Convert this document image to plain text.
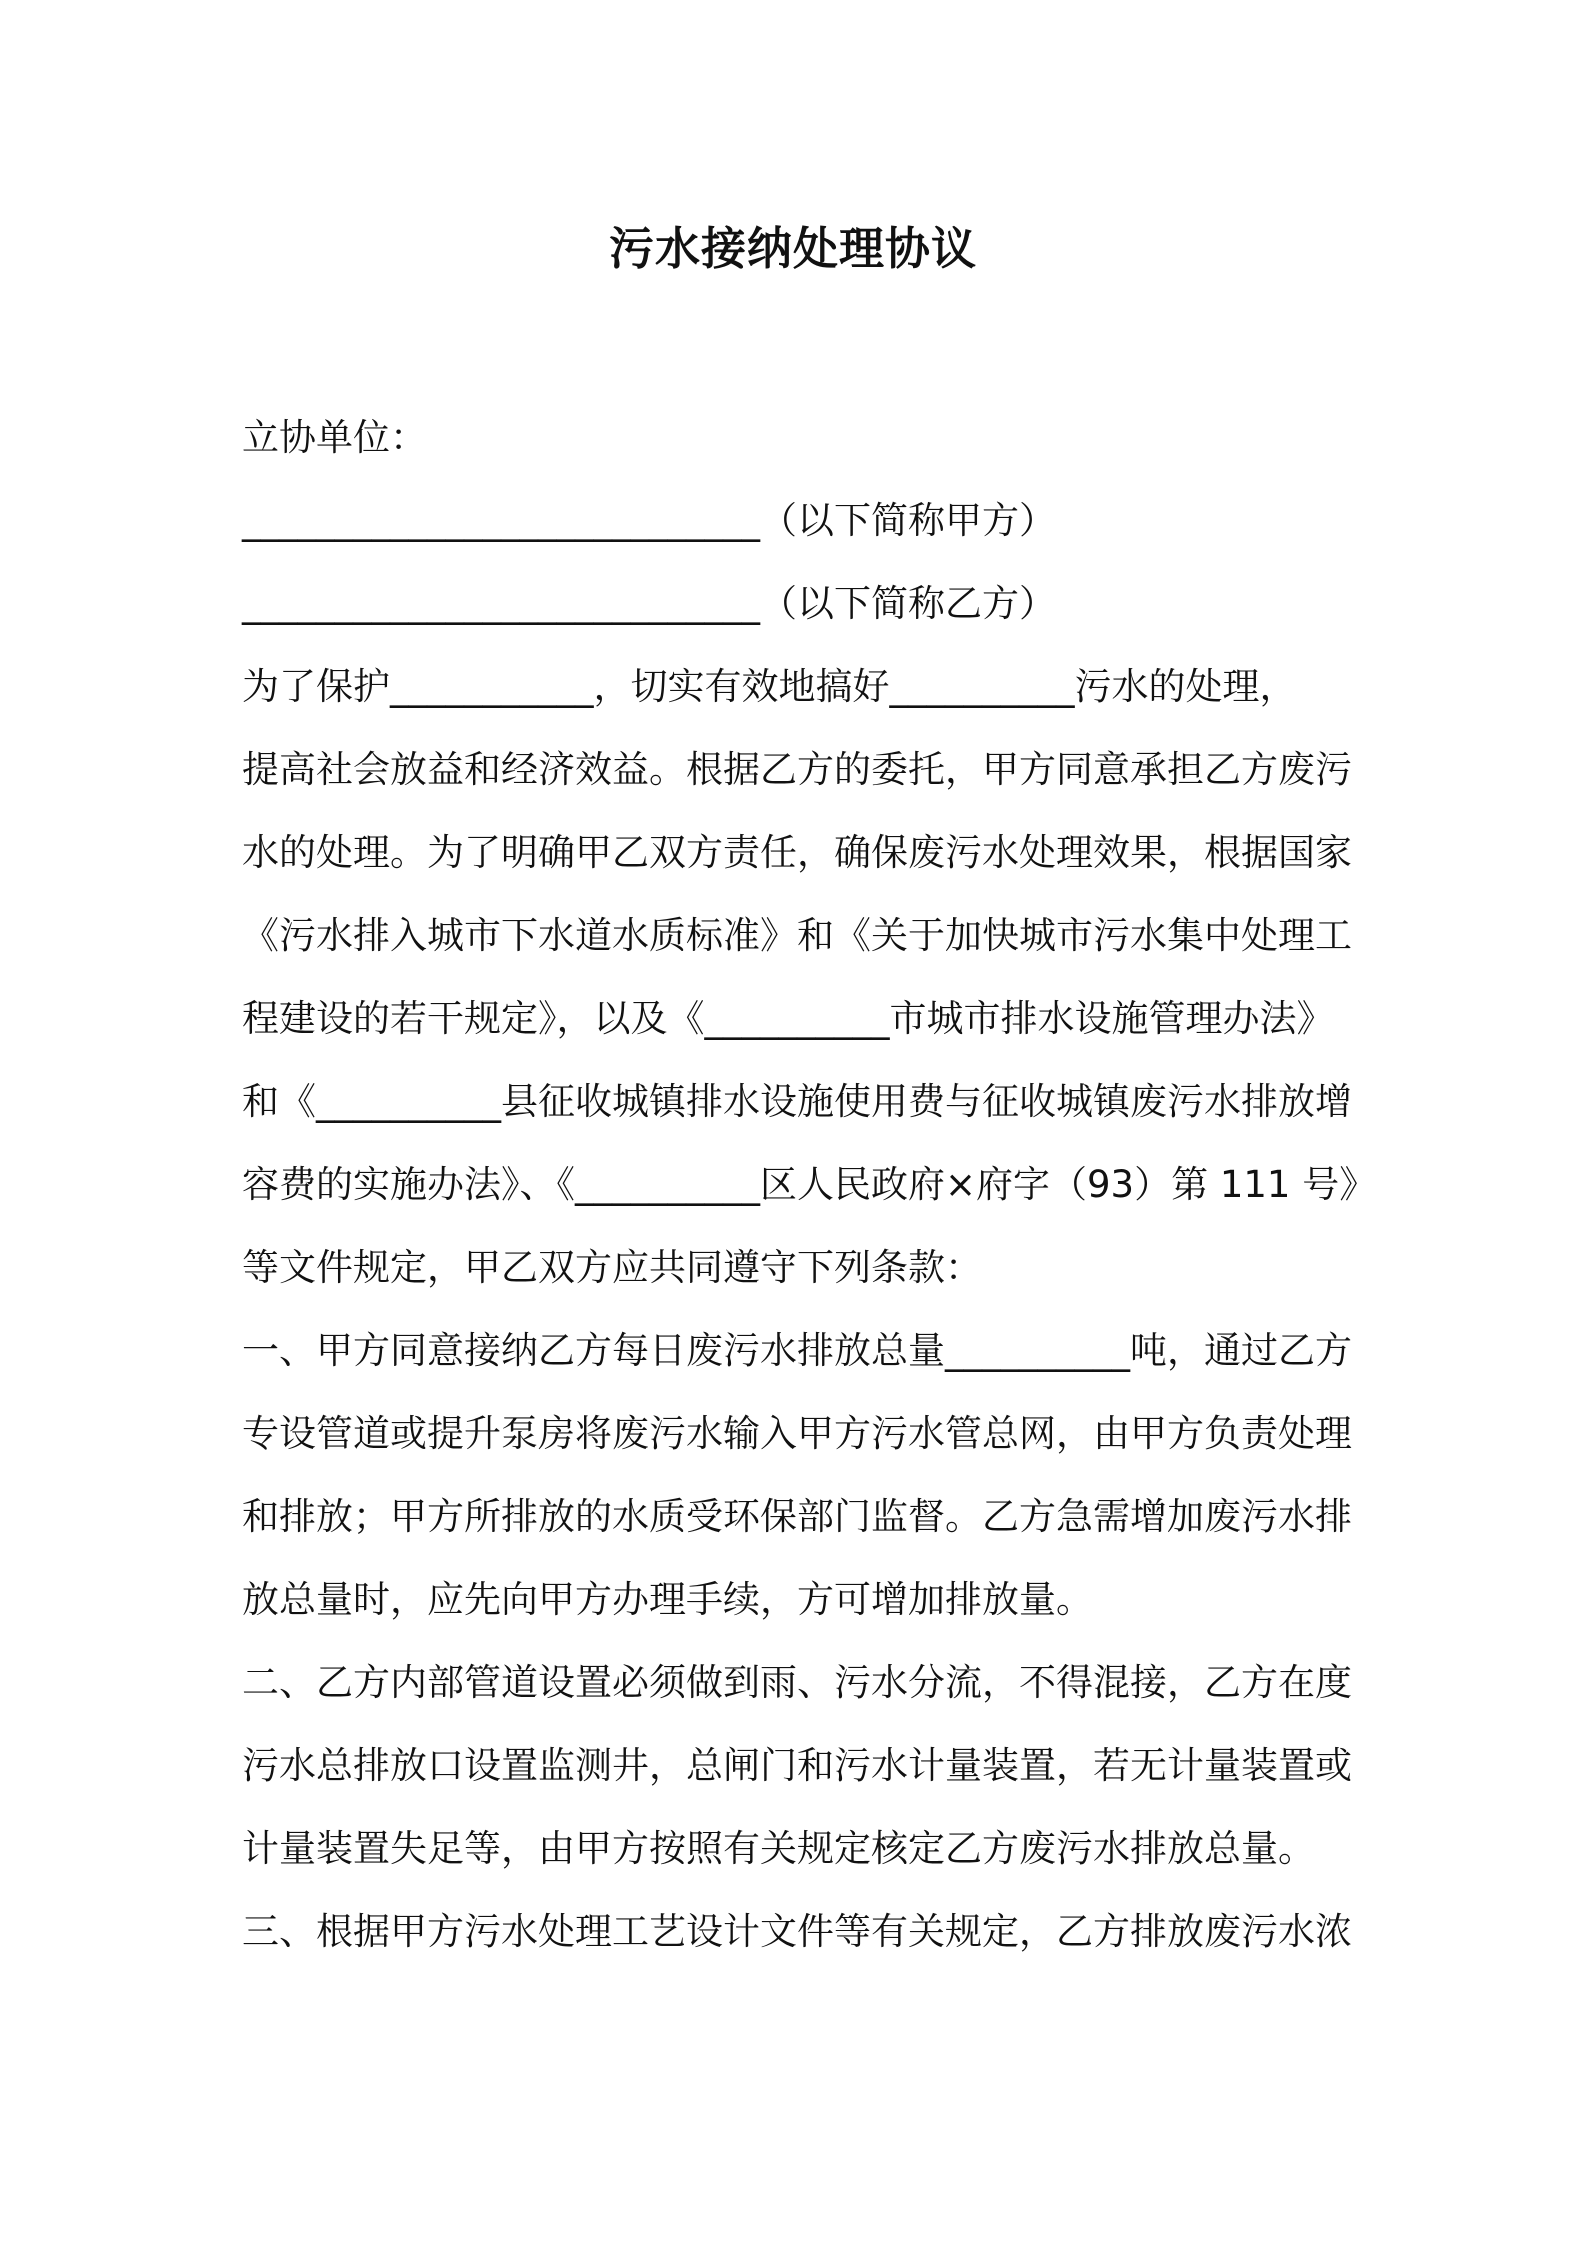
污水接纳处理协议
立协单位：
____________________________（以下简称甲方）
____________________________（以下简称乙方）
为了保护___________，切实有效地搞好__________污水的处理，
提高社会放益和经济效益。根据乙方的委托，甲方同意承担乙方废污
水的处理。为了明确甲乙双方责任，确保废污水处理效果，根据国家
《污水排入城市下水道水质标准》和《关于加快城市污水集中处理工
程建设的若干规定》，以及《__________市城市排水设施管理办法》
和《__________县征收城镇排水设施使用费与征收城镇废污水排放增
容费的实施办法》、《__________区人民政府×府字（93）第 111 号》
等文件规定，甲乙双方应共同遵守下列条款：
一、甲方同意接纳乙方每日废污水排放总量__________吨，通过乙方
专设管道或提升泵房将废污水输入甲方污水管总网，由甲方负责处理
和排放；甲方所排放的水质受环保部门监督。乙方急需增加废污水排
放总量时，应先向甲方办理手续，方可增加排放量。
二、乙方内部管道设置必须做到雨、污水分流，不得混接，乙方在度
污水总排放口设置监测井，总闸门和污水计量装置，若无计量装置或
计量装置失足等，由甲方按照有关规定核定乙方废污水排放总量。
三、根据甲方污水处理工艺设计文件等有关规定，乙方排放废污水浓
